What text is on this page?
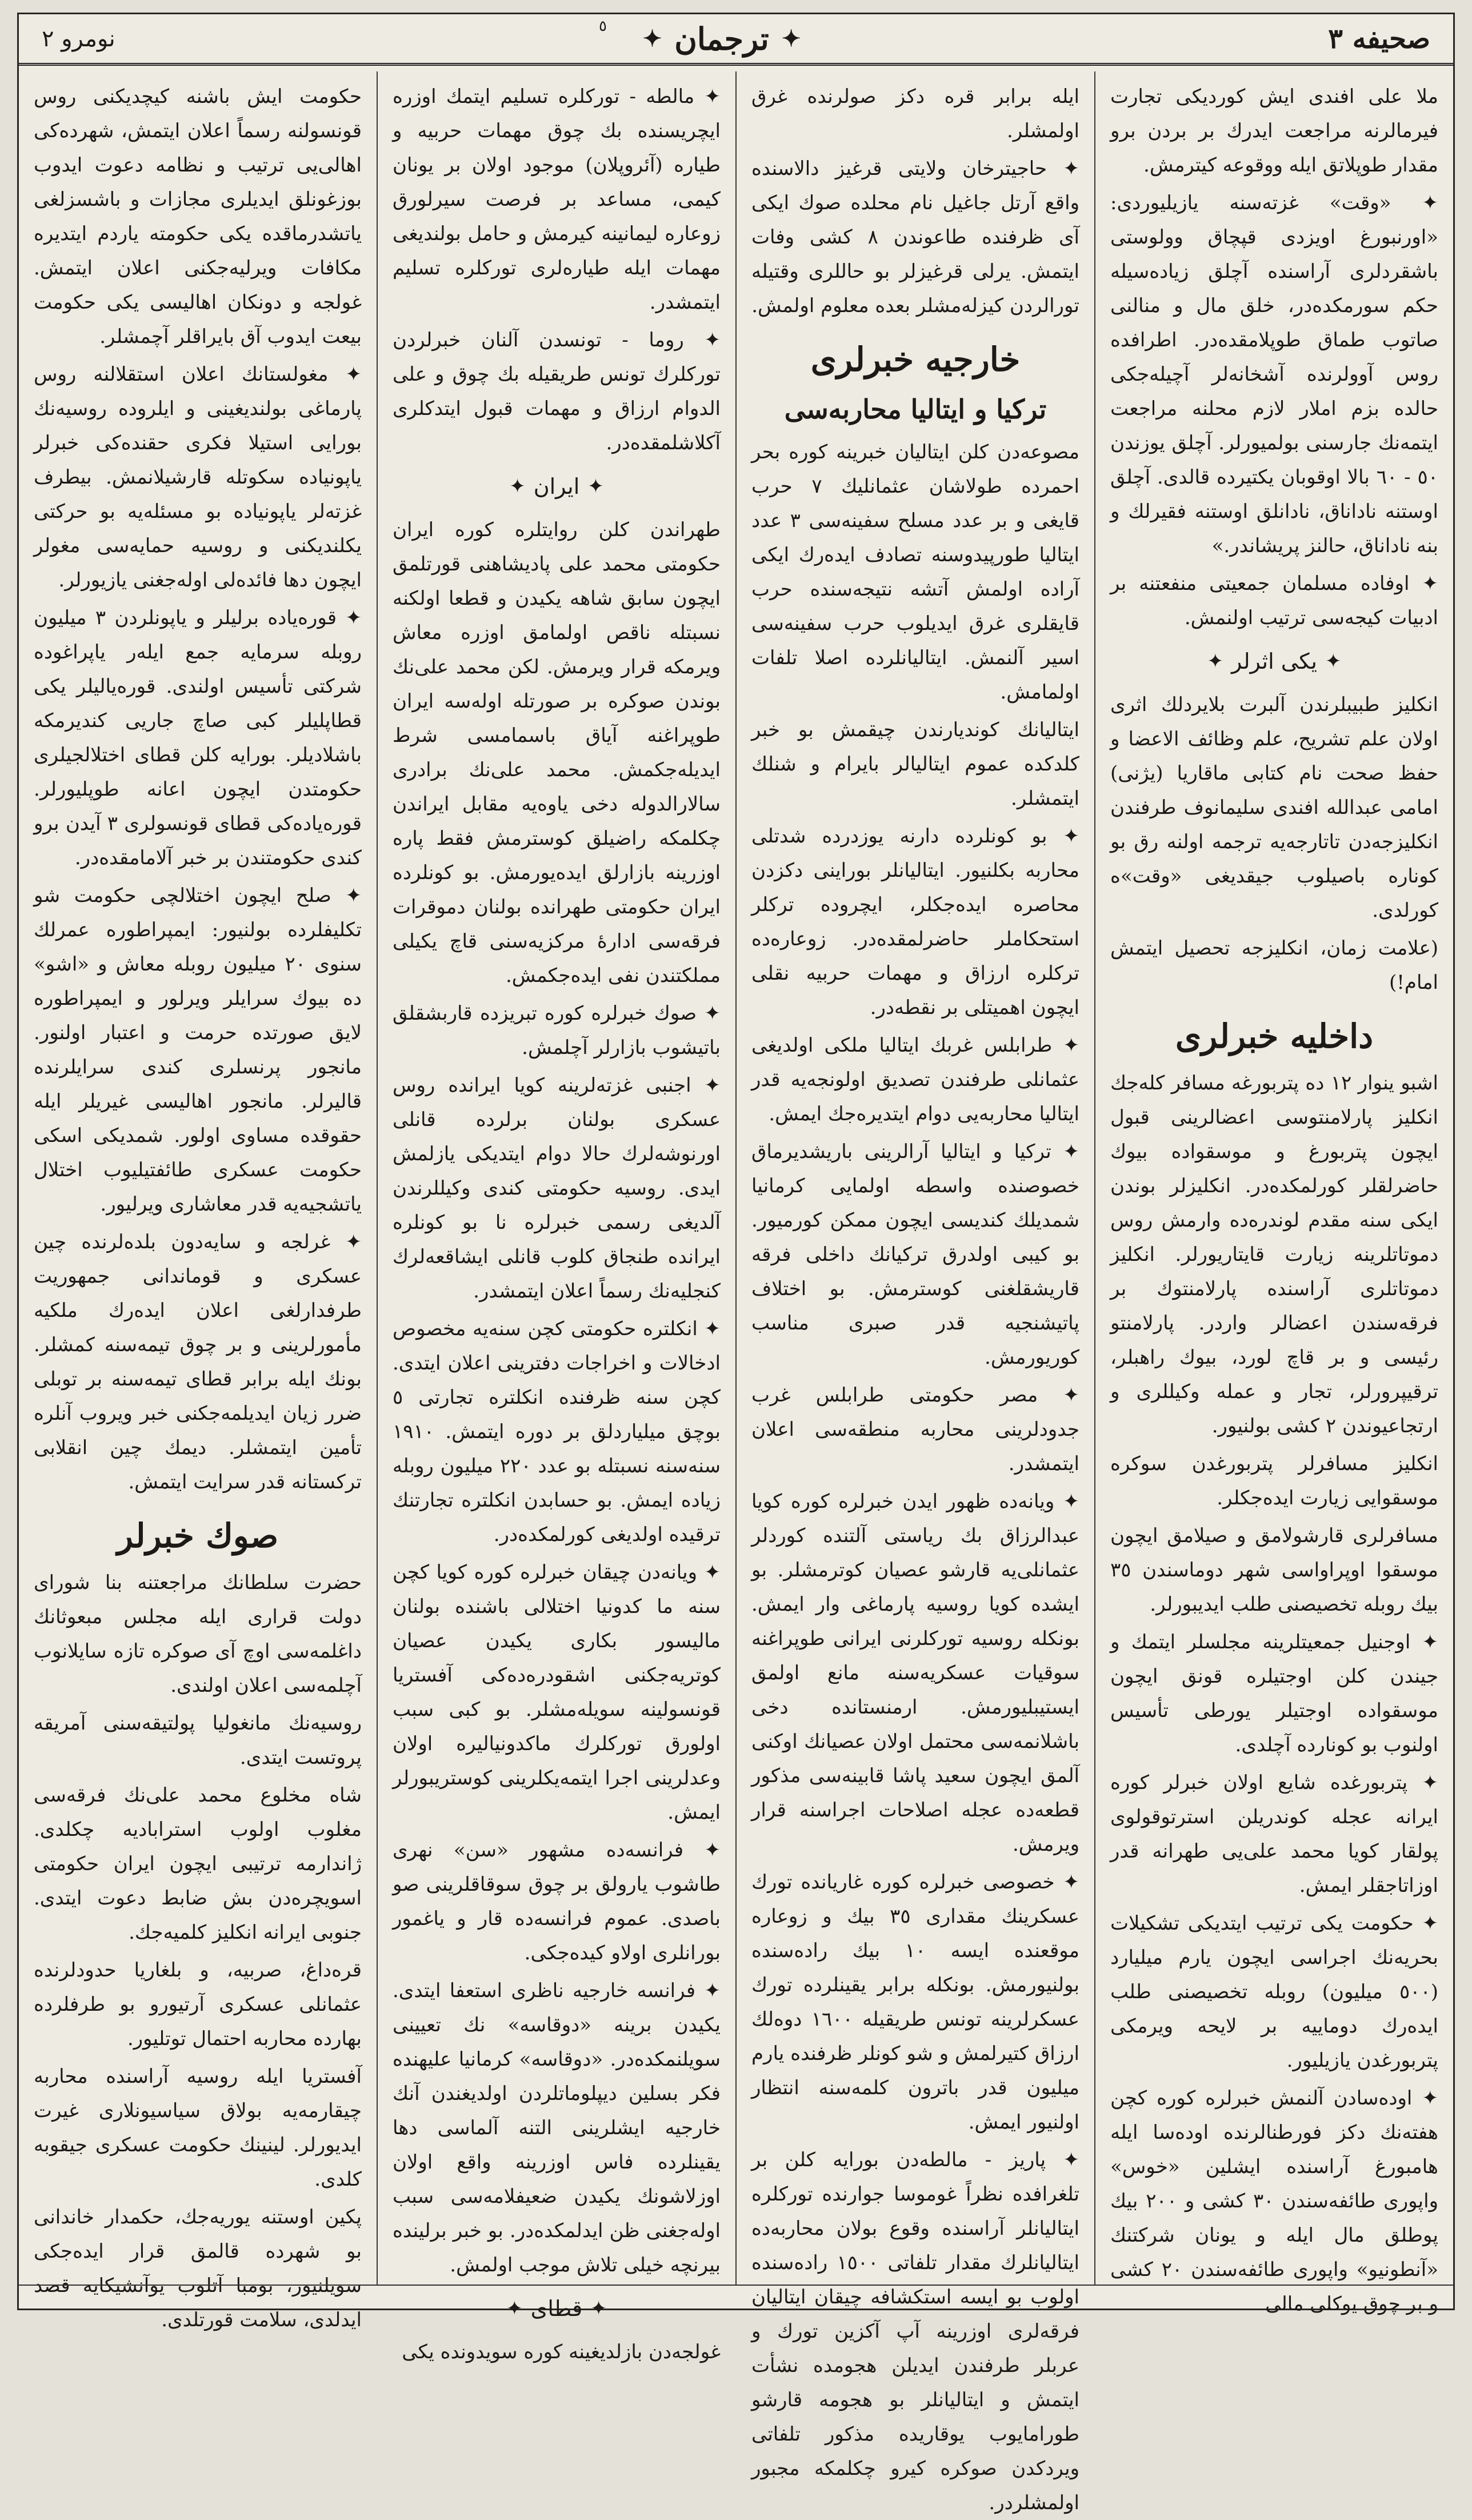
صحيفه ٣
✦
ترجمان
✦
نومرو ٢	٥

ملا علی افندی ایش کوردیکی تجارت فیرما‌لرنه مراجعت ایدرك بر بردن برو مقدار طوپلاتق ایله ووقوعه کیترمش.

✦ «وقت» غزته‌سنه یازیلیوردی: «اورنبورغ اویزدی قپچاق وولوستی باشقردلری آراسنده آچلق زیاده‌سیله حکم سورمکده‌در، خلق مال و منالنی صاتوب طماق طوپلامقده‌در. اطرافده روس آوولرنده آشخانه‌لر آچیله‌جکی حالده بزم املار لازم محلنه مراجعت ایتمه‌نك جارسنی بولمیورلر. آچلق یوزندن ٥٠ - ٦٠ بالا اوقوبان یکتیرده قالدی. آچلق اوستنه ناداناق، نادانلق اوستنه فقیرلك و بنه ناداناق، حالنز پریشاندر.»

✦ اوفاده مسلمان جمعیتی منفعتنه بر ادبیات کیجه‌سی ترتیب اولنمش.

✦
یکی اثرلر
✦

انکلیز طبیبلرندن آلبرت بلایردلك اثری اولان علم تشریح، علم وظائف الاعضا و حفظ صحت نام کتابی ماقاریا (یژنی) امامی عبدالله افندی سلیمانوف طرفندن انکلیزجه‌دن تاتارجه‌یه ترجمه اولنه رق بو کوناره باصیلوب جیقدیغی «وقت»ه کورلدی.

(علامت زمان، انکلیزجه تحصیل ایتمش امام!)

داخلیه خبرلری

اشبو ینوار ١٢ ده پتربورغه مسافر کله‌جك انکلیز پارلامنتوسی اعضالرینی قبول ایچون پتربورغ و موسقواده بیوك حاضرلقلر کورلمکده‌در. انکلیزلر بوندن ایکی سنه مقدم لوندره‌ده وارمش روس دموتاتلرینه زیارت قایتاریورلر. انکلیز دموتاتلری آراسنده پارلامنتوك بر فرقه‌سندن اعضالر واردر. پارلامنتو رئیسی و بر قاچ لورد، بیوك راهبلر، ترقیپرورلر، تجار و عمله وکیللری و ارتجاعیوندن ٢ کشی بولنیور.

انکلیز مسافرلر پتربورغدن سوکره موسقوایی زیارت ایده‌جکلر.

مسافرلری قارشولامق و صیلامق ایچون موسقوا اوپراواسی شهر دوماسندن ٣٥ بیك روبله تخصیصنی طلب ایدیبورلر.

✦ اوجنیل جمعیتلرینه مجلسلر ایتمك و جیندن کلن اوجتیلره قونق ایچون موسقواده اوجتیلر یورطی تأسیس اولنوب بو کونارده آچلدی.

✦ پتربورغده شایع اولان خبرلر کوره ایرانه عجله کوندریلن استرتوقولوی پولقار کویا محمد علی‌یی طهرانه قدر اوزاتاجقلر ایمش.

✦ حکومت یکی ترتیب ایتدیکی تشکیلات بحریه‌نك اجراسی ایچون یارم میلیارد (٥٠٠ میلیون) روبله تخصیصنی طلب ایده‌رك دوماییه بر لایحه ویرمکی پتربورغدن یازیلیور.

✦ اوده‌سادن آلنمش خبرلره کوره کچن هفته‌نك دکز فورطنالرنده اوده‌سا ایله هامبورغ آراسنده ایشلین «خوس» واپوری طائفه‌سندن ٣٠ کشی و ٢٠٠ بیك پوطلق مال ایله و یونان شرکتنك «آنطونیو» واپوری طائفه‌سندن ٢٠ کشی و بر چوق یوکلی مالی

ایله برابر قره دکز صولرنده غرق اولمشلر.

✦ حاجیترخان ولایتی قرغیز دالاسنده واقع آرتل جاغیل نام محلده صوك ایکی آی ظرفنده طاعوندن ٨ کشی وفات ایتمش. یرلی قرغیزلر بو حاللری وقتیله تورالردن کیزله‌مشلر بعده معلوم اولمش.

خارجیه خبرلری
ترکیا و ایتالیا محاربه‌سی

مصوعه‌دن کلن ایتالیان خبرینه کوره بحر احمرده طولاشان عثمانلیك ٧ حرب قایغی و بر عدد مسلح سفینه‌سی ٣ عدد ایتالیا طورپیدوسنه تصادف ایده‌رك ایکی آراده اولمش آتشه نتیجه‌سنده حرب قایقلری غرق ایدیلوب حرب سفینه‌سی اسیر آلنمش. ایتالیانلرده اصلا تلفات اولمامش.

ایتالیانك کوندیارندن چیقمش بو خبر کلدکده عموم ایتالیالر بایرام و شنلك ایتمشلر.

✦ بو کونلرده دارنه یوزدرده شدتلی محاربه بکلنیور. ایتالیانلر بوراینی دکزدن محاصره ایده‌جکلر، ایچروده ترکلر استحکاملر حاضرلمقده‌در. زوعاره‌ده ترکلره ارزاق و مهمات حربیه نقلی ایچون اهمیتلی بر نقطه‌در.

✦ طرابلس غربك ایتالیا ملکی اولدیغی عثمانلی طرفندن تصدیق اولونجه‌یه قدر ایتالیا محاربه‌یی دوام ایتدیره‌جك ایمش.

✦ ترکیا و ایتالیا آرالرینی باریشدیرماق خصوصنده واسطه اولمایی کرمانیا شمدیلك کندیسی ایچون ممکن کورمیور. بو کیبی اولدرق ترکیانك داخلی فرقه قاریشقلغنی کوسترمش. بو اختلاف پاتیشنجیه قدر صبری مناسب کوریورمش.

✦ مصر حکومتی طرابلس غرب جدودلرینی محاربه منطقه‌سی اعلان ایتمشدر.

✦ ویانه‌ده ظهور ایدن خبرلره کوره کویا عبدالرزاق بك ریاستی آلتنده کوردلر عثمانلی‌یه قارشو عصیان کوترمشلر. بو ایشده کویا روسیه پارماغی وار ایمش. بونکله روسیه تورکلرنی ایرانی طوپراغنه سوقیات عسکریه‌سنه مانع اولمق ایستیبلیورمش. ارمنستانده دخی باشلانمه‌سی محتمل اولان عصیانك اوکنی آلمق ایچون سعید پاشا قابینه‌سی مذکور قطعه‌ده عجله اصلاحات اجراسنه قرار ویرمش.

✦ خصوصی خبرلره کوره غاریانده تورك عسکرینك مقداری ٣٥ بیك و زوعاره موقعنده ایسه ١٠ بیك راده‌سنده بولنیورمش. بونکله برابر یقینلرده تورك عسکرلرینه تونس طریقیله ١٦٠٠ دوه‌لك ارزاق کتیرلمش و شو کونلر ظرفنده یارم میلیون قدر باترون کلمه‌سنه انتظار اولنیور ایمش.

✦ پاریز - مالطه‌دن بورایه کلن بر تلغرافده نظراً غوموسا جوارنده تورکلره ایتالیانلر آراسنده وقوع بولان محاربه‌ده ایتالیانلرك مقدار تلفاتی ١٥٠٠ راده‌سنده اولوب بو ایسه استکشافه چیقان ایتالیان فرقه‌لری اوزرینه آپ آکزین تورك و عربلر طرفندن ایدیلن هجومده نشأت ایتمش و ایتالیانلر بو هجومه قارشو طورامایوب یوقاریده مذکور تلفاتی ویردکدن صوکره کیرو چکلمکه مجبور اولمشلردر.

✦ مالطه - تورکلره تسلیم ایتمك اوزره ایچریسنده بك چوق مهمات حربیه و طیاره (آئروپلان) موجود اولان بر یونان کیمی، مساعد بر فرصت سیرلورق زوعاره لیمانینه کیرمش و حامل بولندیغی مهمات ایله طیاره‌لری تورکلره تسلیم ایتمشدر.

✦ روما - تونسدن آلنان خبرلردن تورکلرك تونس طریقیله بك چوق و علی الدوام ارزاق و مهمات قبول ایتدکلری آکلاشلمقده‌در.

✦
ایران
✦

طهراندن کلن روایتلره کوره ایران حکومتی محمد علی پادیشاهنی قورتلمق ایچون سابق شاهه یکیدن و قطعا اولکنه نسبتله ناقص اولمامق اوزره معاش ویرمکه قرار ویرمش. لکن محمد علی‌نك بوندن صوکره بر صورتله اوله‌سه ایران طوپراغنه آیاق باسمامسی شرط ایدیله‌جکمش. محمد علی‌نك برادری سالارالدوله دخی یاوه‌یه مقابل ایراندن چکلمکه راضیلق کوسترمش فقط پاره اوزرینه بازارلق ایده‌یورمش. بو کونلرده ایران حکومتی طهرانده بولنان دموقرات فرقه‌سی ادارۀ مرکزیه‌سنی قاچ یکیلی مملکتندن نفی ایده‌جکمش.

✦ صوك خبرلره کوره تبریزده قاربشقلق باتیشوب بازارلر آچلمش.

✦ اجنبی غزته‌لرینه کویا ایرانده روس عسکری بولنان برلرده قانلی اورنوشه‌لرك حالا دوام ایتدیکی یازلمش ایدی. روسیه حکومتی کندی وکیللرندن آلدیغی رسمی خبرلره نا بو کونلره ایرانده طنجاق کلوب قانلی ایشاقعه‌لرك کنجلیه‌نك رسماً اعلان ایتمشدر.

✦ انکلتره حکومتی کچن سنه‌یه مخصوص ادخالات و اخراجات دفترینی اعلان ایتدی. کچن سنه ظرفنده انکلتره تجارتی ٥ بوچق میلیاردلق بر دوره ایتمش. ١٩١٠ سنه‌سنه نسبتله بو عدد ٢٢٠ میلیون روبله زیاده ایمش. بو حسابدن انکلتره تجارتنك ترقیده اولدیغی کورلمکده‌در.

✦ ویانه‌دن چیقان خبرلره کوره کویا کچن سنه ما کدونیا اختلالی باشنده بولنان مالیسور بکاری یکیدن عصیان کوتریه‌جکنی اشقودره‌ده‌کی آفستریا قونسولینه سویله‌مشلر. بو کبی سبب اولورق تورکلرك ماکدونیالیره اولان وعدلرینی اجرا ایتمه‌یکلرینی کوستریبورلر ایمش.

✦ فرانسه‌ده مشهور «سن» نهری طاشوب یارولق بر چوق سوقاقلرینی صو باصدی. عموم فرانسه‌ده قار و یاغمور بورانلری اولاو کیده‌جکی.

✦ فرانسه خارجیه ناظری استعفا ایتدی. یکیدن برینه «دوقاسه» نك تعیینی سویلنمکده‌در. «دوقاسه» کرمانیا علیهنده فکر بسلین دیپلوماتلردن اولدیغندن آنك خارجیه ایشلرینی التنه آلماسی دها یقینلرده فاس اوزرینه واقع اولان اوزلاشونك یکیدن ضعیفلامه‌سی سبب اوله‌جغنی ظن ایدلمکده‌در. بو خبر برلینده بیرنچه خیلی تلاش موجب اولمش.

✦
قطای
✦

غولجه‌دن بازلدیغینه کوره سویدونده یکی

حکومت ایش باشنه کیچدیکنی روس قونسولنه رسماً اعلان ایتمش، شهرده‌کی اهالی‌یی ترتیب و نظامه دعوت ایدوب بوزغونلق ایدیلری مجازات و باشسزلغی یاتشدرماقده یکی حکومته یاردم ایتدیره مکافات ویرلیه‌جکنی اعلان ایتمش. غولجه و دونکان اهالیسی یکی حکومت بیعت ایدوب آق بایراقلر آچمشلر.

✦ مغولستانك اعلان استقلالنه روس پارماغی بولندیغینی و ایلروده روسیه‌نك بورایی استیلا فکری حقنده‌کی خبرلر یاپونیاده سکوتله قارشیلانمش. بیطرف غزته‌لر یاپونیاده بو مسئله‌یه بو حرکتی یکلندیکنی و روسیه حمایه‌سی مغولر ایچون دها فائده‌لی اوله‌جغنی یازیورلر.

✦ قوره‌یاده برلیلر و یاپونلردن ٣ میلیون روبله سرمایه جمع ایله‌ر یاپراغوده شرکتی تأسیس اولندی. قوره‌یالیلر یکی قطاپلیلر کبی صاچ جاریی کندیرمکه باشلادیلر. بورایه کلن قطای اختلالجیلری حکومتدن ایچون اعانه طوپلیورلر. قوره‌یاده‌کی قطای قونسولری ٣ آیدن برو کندی حکومتندن بر خبر آلامامقده‌در.

✦ صلح ایچون اختلالچی حکومت شو تکلیفلرده بولنیور: ایمپراطوره عمرلك سنوی ٢٠ میلیون روبله معاش و «اشو» ده بیوك سرایلر ویرلور و ایمپراطوره لایق صورتده حرمت و اعتبار اولنور. مانجور پرنسلری کندی سرایلرنده قالیرلر. مانجور اهالیسی غیریلر ایله حقوقده مساوی اولور. شمدیکی اسکی حکومت عسکری طائفتیلیوب اختلال یاتشجیه‌یه قدر معاشاری ویرلیور.

✦ غرلجه و سایه‌دون بلده‌لرنده چین عسکری و قوماندانی جمهوریت طرفدارلغی اعلان ایده‌رك ملکیه مأمورلرینی و بر چوق تیمه‌سنه کمشلر. بونك ایله برابر قطای تیمه‌سنه بر توبلی ضرر زیان ایدیلمه‌جکنی خبر ویروب آنلره تأمین ایتمشلر. دیمك چین انقلابی ترکستانه قدر سرایت ایتمش.

صوك خبرلر

حضرت سلطانك مراجعتنه بنا شورای دولت قراری ایله مجلس مبعوثانك داغلمه‌سی اوچ آی صوکره تازه سایلانوب آچلمه‌سی اعلان اولندی.

روسیه‌نك مانغولیا پولتیقه‌سنی آمریقه پروتست ایتدی.

شاه مخلوع محمد علی‌نك فرقه‌سی مغلوب اولوب استرابادیه چکلدی. ژاندارمه ترتیبی ایچون ایران حکومتی اسویچره‌دن بش ضابط دعوت ایتدی. جنوبی ایرانه انکلیز کلمیه‌جك.

قره‌داغ، صربیه، و بلغاریا حدودلرنده عثمانلی عسکری آرتیورو بو طرفلرده بهارده محاربه احتمال توتلیور.

آفستریا ایله روسیه آراسنده محاربه چیقارمه‌یه بولاق سیاسیونلاری غیرت ایدیورلر. لینینك حکومت عسکری جیقوبه کلدی.

پکین اوستنه یوریه‌جك، حکمدار خاندانی بو شهرده قالمق قرار ایده‌جکی سویلنیور، بومبا آتلوب یوآنشیکایه قصد ایدلدی، سلامت قورتلدی.
